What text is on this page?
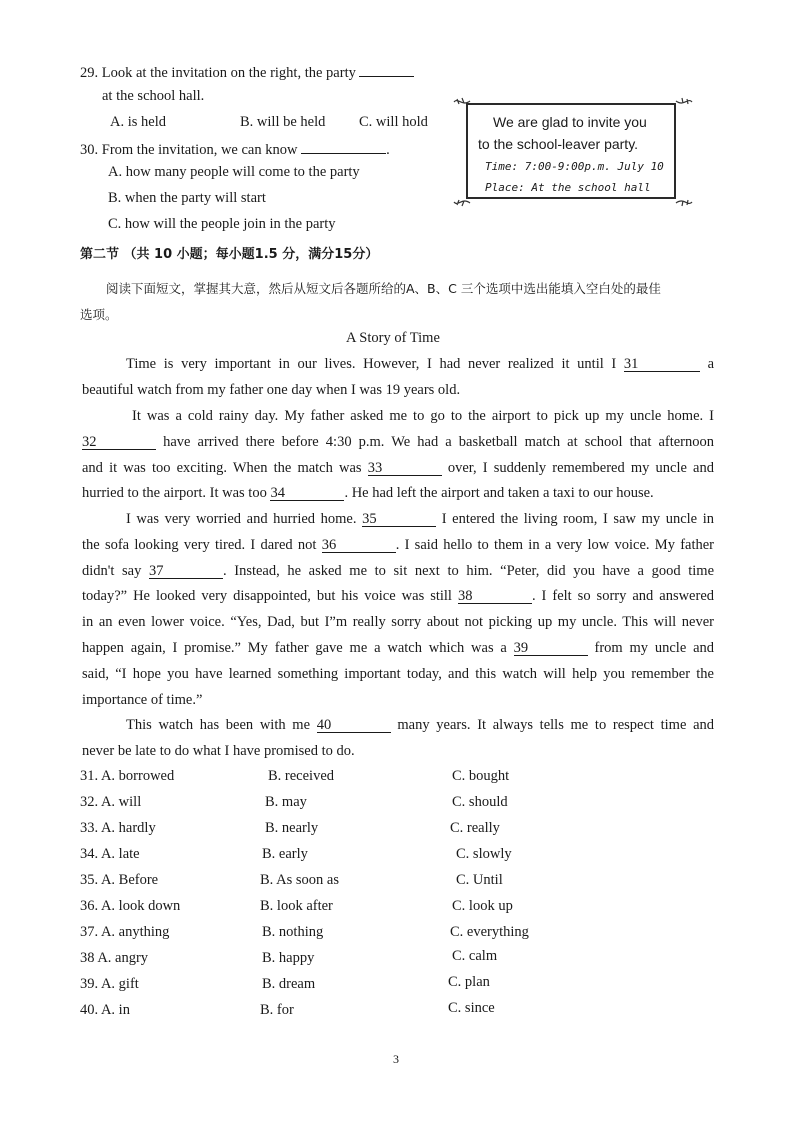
29. Look at the invitation on the right, the party
at the school hall.
A. is held	B. will be held C. will hold
30. From the invitation, we can know	.
A. how many people will come to the party
B. when the party will start
C. how will the people join in the party
We are glad to invite you
to the school-leaver party.
Time: 7:00-9:00p.m. July 10
Place: At the school hall
第二节 （共 10 小题；每小题1.5 分，满分15分）
阅读下面短文，掌握其大意，然后从短文后各题所给的A、B、C 三个选项中选出能填入空白处的最佳
选项。
A Story of Time
Time is very important in our lives. However, I had never realized it until I 31	a
beautiful watch from my father one day when I was 19 years old.
It was a cold rainy day. My father asked me to go to the airport to pick up my uncle home. I
32	have arrived there before 4:30 p.m. We had a basketball match at school that afternoon
and it was too exciting. When the match was 33	over, I suddenly remembered my uncle and
hurried to the airport. It was too 34	. He had left the airport and taken a taxi to our house.
I was very worried and hurried home. 35	I entered the living room, I saw my uncle in
the sofa looking very tired. I dared not 36	. I said hello to them in a very low voice. My father
didn't say 37	. Instead, he asked me to sit next to him. “Peter, did you have a good time
today?” He looked very disappointed, but his voice was still 38	. I felt so sorry and answered
in an even lower voice. “Yes, Dad, but I”m really sorry about not picking up my uncle. This will never
happen again, I promise.” My father gave me a watch which was a 39	from my uncle and
said, “I hope you have learned something important today, and this watch will help you remember the
importance of time.”
This watch has been with me 40	many years. It always tells me to respect time and
never be late to do what I have promised to do.
31. A. borrowed	B. received	C. bought
32. A. will	B. may	C. should
33. A. hardly	B. nearly	C. really
34. A. late	B. early	C. slowly
35. A. Before	B. As soon as	C. Until
36. A. look down	B. look after	C. look up
37. A. anything	B. nothing	C. everything
38 A. angry	B. happy	C. calm
39. A. gift	B. dream	C. plan
40. A. in	B. for	C. since
3
